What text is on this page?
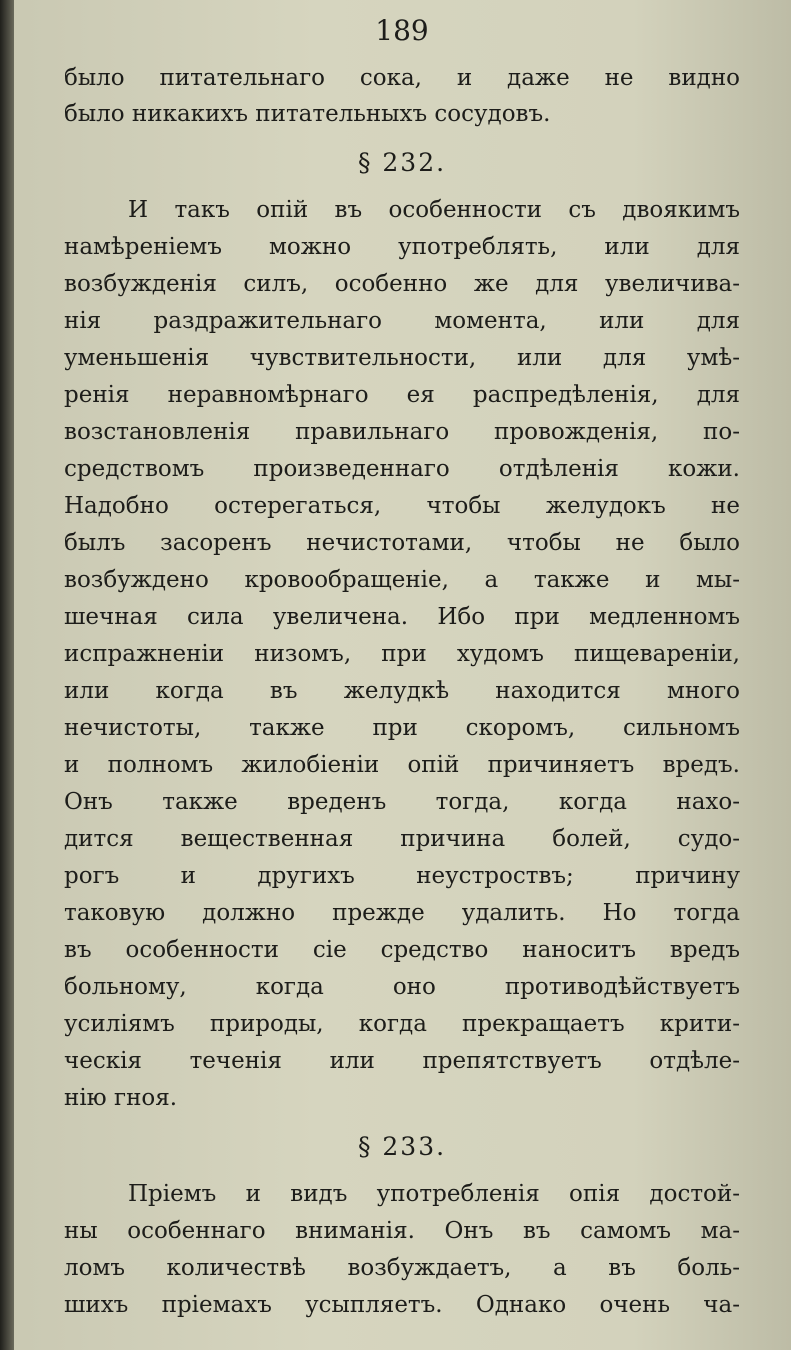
189
было питательнаго сока, и даже не видно
было никакихъ питательныхъ сосудовъ.
§ 232.
И такъ опій въ особенности съ двоякимъ
намѣреніемъ можно употреблять, или для
возбужденія силъ, особенно же для увеличива-
нія раздражительнаго момента, или для
уменьшенія чувствительности, или для умѣ-
ренія неравномѣрнаго ея распредѣленія, для
возстановленія правильнаго провожденія, по-
средствомъ произведеннаго отдѣленія кожи.
Надобно остерегаться, чтобы желудокъ не
былъ засоренъ нечистотами, чтобы не было
возбуждено кровообращеніе, а также и мы-
шечная сила увеличена. Ибо при медленномъ
испражненіи низомъ, при худомъ пищевареніи,
или когда въ желудкѣ находится много
нечистоты, также при скоромъ, сильномъ
и полномъ жилобіеніи опій причиняетъ вредъ.
Онъ также вреденъ тогда, когда нахо-
дится вещественная причина болей, судо-
рогъ и другихъ неустроствъ; причину
таковую должно прежде удалить. Но тогда
въ особенности сіе средство наноситъ вредъ
больному, когда оно противодѣйствуетъ
усиліямъ природы, когда прекращаетъ крити-
ческія теченія или препятствуетъ отдѣле-
нію гноя.
§ 233.
Пріемъ и видъ употребленія опія достой-
ны особеннаго вниманія. Онъ въ самомъ ма-
ломъ количествѣ возбуждаетъ, а въ боль-
шихъ пріемахъ усыпляетъ. Однако очень ча-
